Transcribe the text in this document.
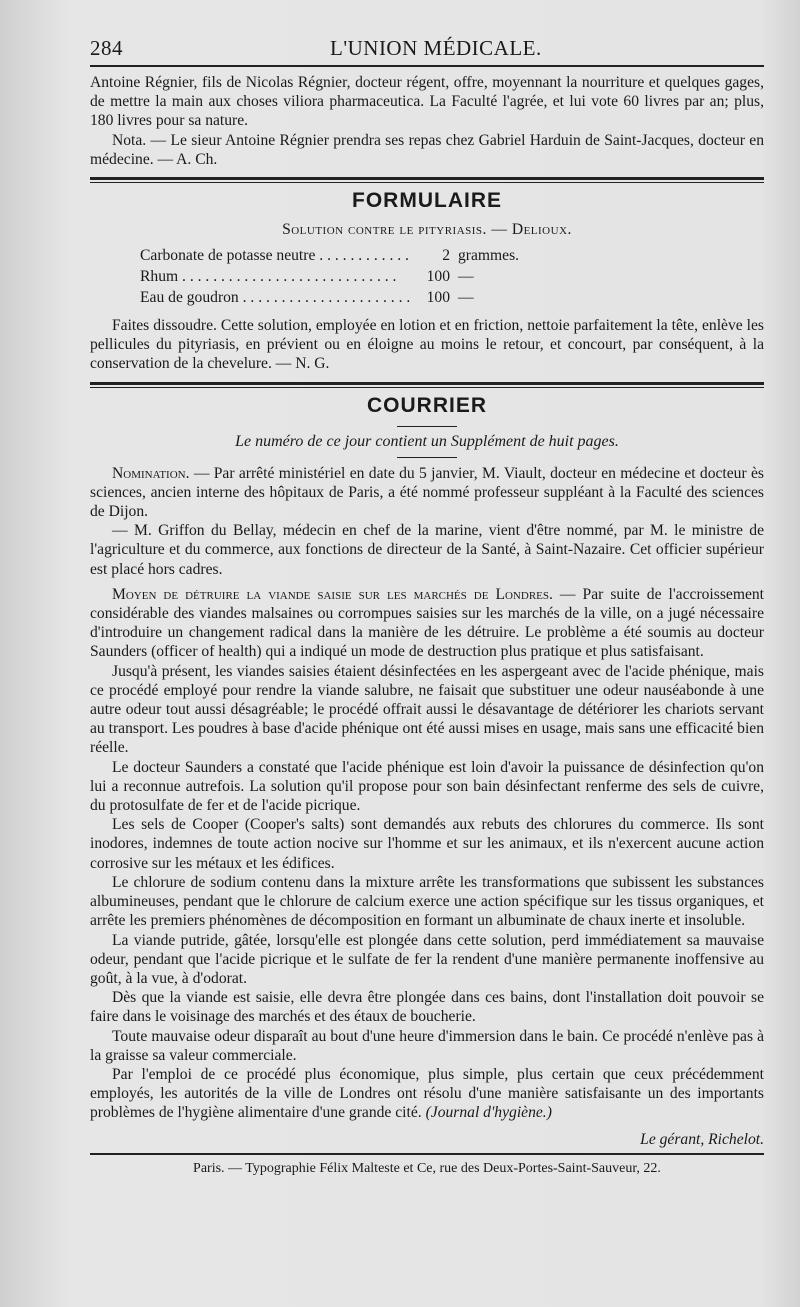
284	L'UNION MÉDICALE.

Antoine Régnier, fils de Nicolas Régnier, docteur régent, offre, moyennant la nourriture et quelques gages, de mettre la main aux choses viliora pharmaceutica. La Faculté l'agrée, et lui vote 60 livres par an; plus, 180 livres pour sa nature.

Nota. — Le sieur Antoine Régnier prendra ses repas chez Gabriel Harduin de Saint-Jacques, docteur en médecine. — A. Ch.

FORMULAIRE
Solution contre le pityriasis. — Delioux.
Carbonate de potasse neutre . . .	2 grammes.
Rhum . . .	100 —
Eau de goudron . . .	100 —

Faites dissoudre. Cette solution, employée en lotion et en friction, nettoie parfaitement la tête, enlève les pellicules du pityriasis, en prévient ou en éloigne au moins le retour, et concourt, par conséquent, à la conservation de la chevelure. — N. G.

COURRIER
Le numéro de ce jour contient un Supplément de huit pages.

Nomination. — Par arrêté ministériel en date du 5 janvier, M. Viault, docteur en médecine et docteur ès sciences, ancien interne des hôpitaux de Paris, a été nommé professeur suppléant à la Faculté des sciences de Dijon.

— M. Griffon du Bellay, médecin en chef de la marine, vient d'être nommé, par M. le ministre de l'agriculture et du commerce, aux fonctions de directeur de la Santé, à Saint-Nazaire. Cet officier supérieur est placé hors cadres.

Moyen de détruire la viande saisie sur les marchés de Londres. — Par suite de l'accroissement considérable des viandes malsaines ou corrompues saisies sur les marchés de la ville, on a jugé nécessaire d'introduire un changement radical dans la manière de les détruire. Le problème a été soumis au docteur Saunders (officer of health) qui a indiqué un mode de destruction plus pratique et plus satisfaisant.

Jusqu'à présent, les viandes saisies étaient désinfectées en les aspergeant avec de l'acide phénique, mais ce procédé employé pour rendre la viande salubre, ne faisait que substituer une odeur nauséabonde à une autre odeur tout aussi désagréable; le procédé offrait aussi le désavantage de détériorer les chariots servant au transport. Les poudres à base d'acide phénique ont été aussi mises en usage, mais sans une efficacité bien réelle.

Le docteur Saunders a constaté que l'acide phénique est loin d'avoir la puissance de désinfection qu'on lui a reconnue autrefois. La solution qu'il propose pour son bain désinfectant renferme des sels de cuivre, du protosulfate de fer et de l'acide picrique.

Les sels de Cooper (Cooper's salts) sont demandés aux rebuts des chlorures du commerce. Ils sont inodores, indemnes de toute action nocive sur l'homme et sur les animaux, et ils n'exercent aucune action corrosive sur les métaux et les édifices.

Le chlorure de sodium contenu dans la mixture arrête les transformations que subissent les substances albumineuses, pendant que le chlorure de calcium exerce une action spécifique sur les tissus organiques, et arrête les premiers phénomènes de décomposition en formant un albuminate de chaux inerte et insoluble.

La viande putride, gâtée, lorsqu'elle est plongée dans cette solution, perd immédiatement sa mauvaise odeur, pendant que l'acide picrique et le sulfate de fer la rendent d'une manière permanente inoffensive au goût, à la vue, à d'odorat.

Dès que la viande est saisie, elle devra être plongée dans ces bains, dont l'installation doit pouvoir se faire dans le voisinage des marchés et des étaux de boucherie.

Toute mauvaise odeur disparaît au bout d'une heure d'immersion dans le bain. Ce procédé n'enlève pas à la graisse sa valeur commerciale.

Par l'emploi de ce procédé plus économique, plus simple, plus certain que ceux précédemment employés, les autorités de la ville de Londres ont résolu d'une manière satisfaisante un des importants problèmes de l'hygiène alimentaire d'une grande cité. (Journal d'hygiène.)

Le gérant, Richelot.
Paris. — Typographie Félix Malteste et Ce, rue des Deux-Portes-Saint-Sauveur, 22.
